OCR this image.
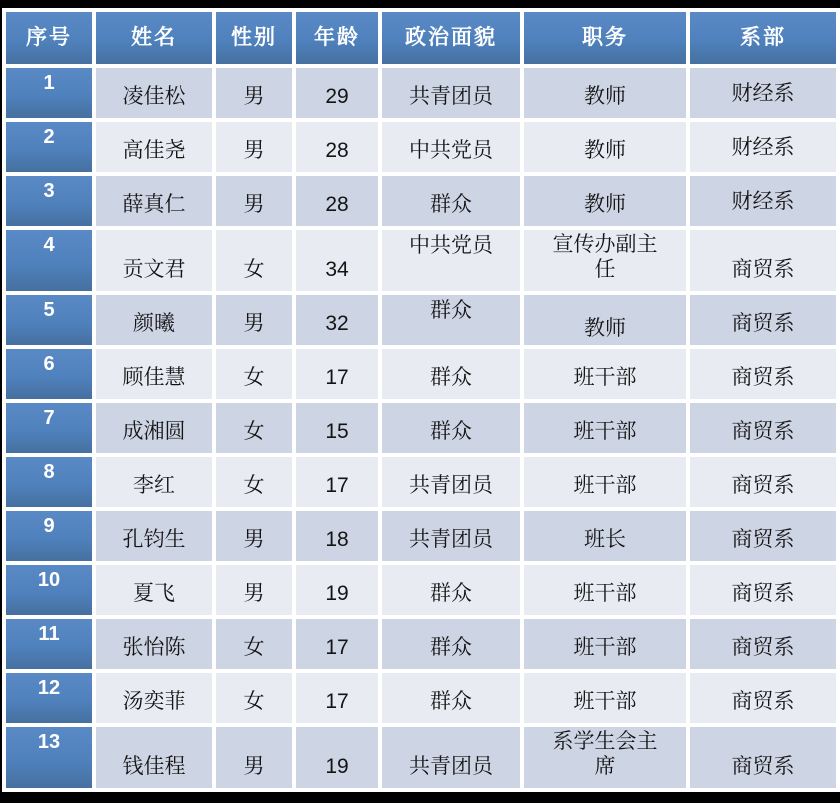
序号	姓名	性别	年龄	政治面貌	职务	系部
1	凌佳松	男	29	共青团员	教师	财经系
2	高佳尧	男	28	中共党员	教师	财经系
3	薛真仁	男	28	群众	教师	财经系
4	贡文君	女	34	中共党员	宣传办副主任	商贸系
5	颜曦	男	32	群众	教师	商贸系
6	顾佳慧	女	17	群众	班干部	商贸系
7	成湘圆	女	15	群众	班干部	商贸系
8	李红	女	17	共青团员	班干部	商贸系
9	孔钧生	男	18	共青团员	班长	商贸系
10	夏飞	男	19	群众	班干部	商贸系
11	张怡陈	女	17	群众	班干部	商贸系
12	汤奕菲	女	17	群众	班干部	商贸系
13	钱佳程	男	19	共青团员	系学生会主席	商贸系
